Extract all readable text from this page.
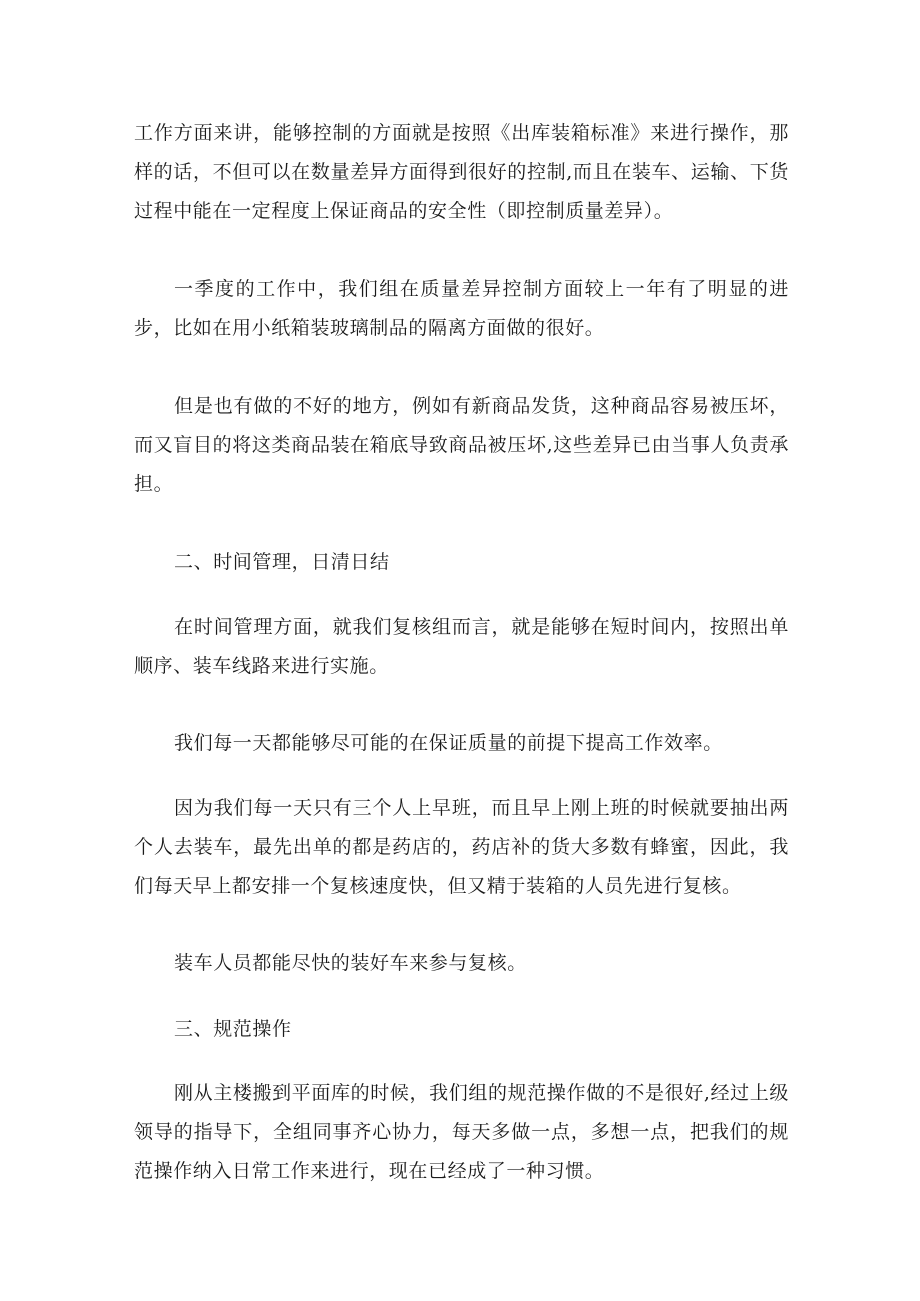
工作方面来讲，能够控制的方面就是按照《出库装箱标准》来进行操作，那样的话，不但可以在数量差异方面得到很好的控制,而且在装车、运输、下货过程中能在一定程度上保证商品的安全性（即控制质量差异）。

一季度的工作中，我们组在质量差异控制方面较上一年有了明显的进步，比如在用小纸箱装玻璃制品的隔离方面做的很好。

但是也有做的不好的地方，例如有新商品发货，这种商品容易被压坏，而又盲目的将这类商品装在箱底导致商品被压坏,这些差异已由当事人负责承担。

二、时间管理，日清日结

在时间管理方面，就我们复核组而言，就是能够在短时间内，按照出单顺序、装车线路来进行实施。

我们每一天都能够尽可能的在保证质量的前提下提高工作效率。

因为我们每一天只有三个人上早班，而且早上刚上班的时候就要抽出两个人去装车，最先出单的都是药店的，药店补的货大多数有蜂蜜，因此，我们每天早上都安排一个复核速度快，但又精于装箱的人员先进行复核。

装车人员都能尽快的装好车来参与复核。

三、规范操作

刚从主楼搬到平面库的时候，我们组的规范操作做的不是很好,经过上级领导的指导下，全组同事齐心协力，每天多做一点，多想一点，把我们的规范操作纳入日常工作来进行，现在已经成了一种习惯。
